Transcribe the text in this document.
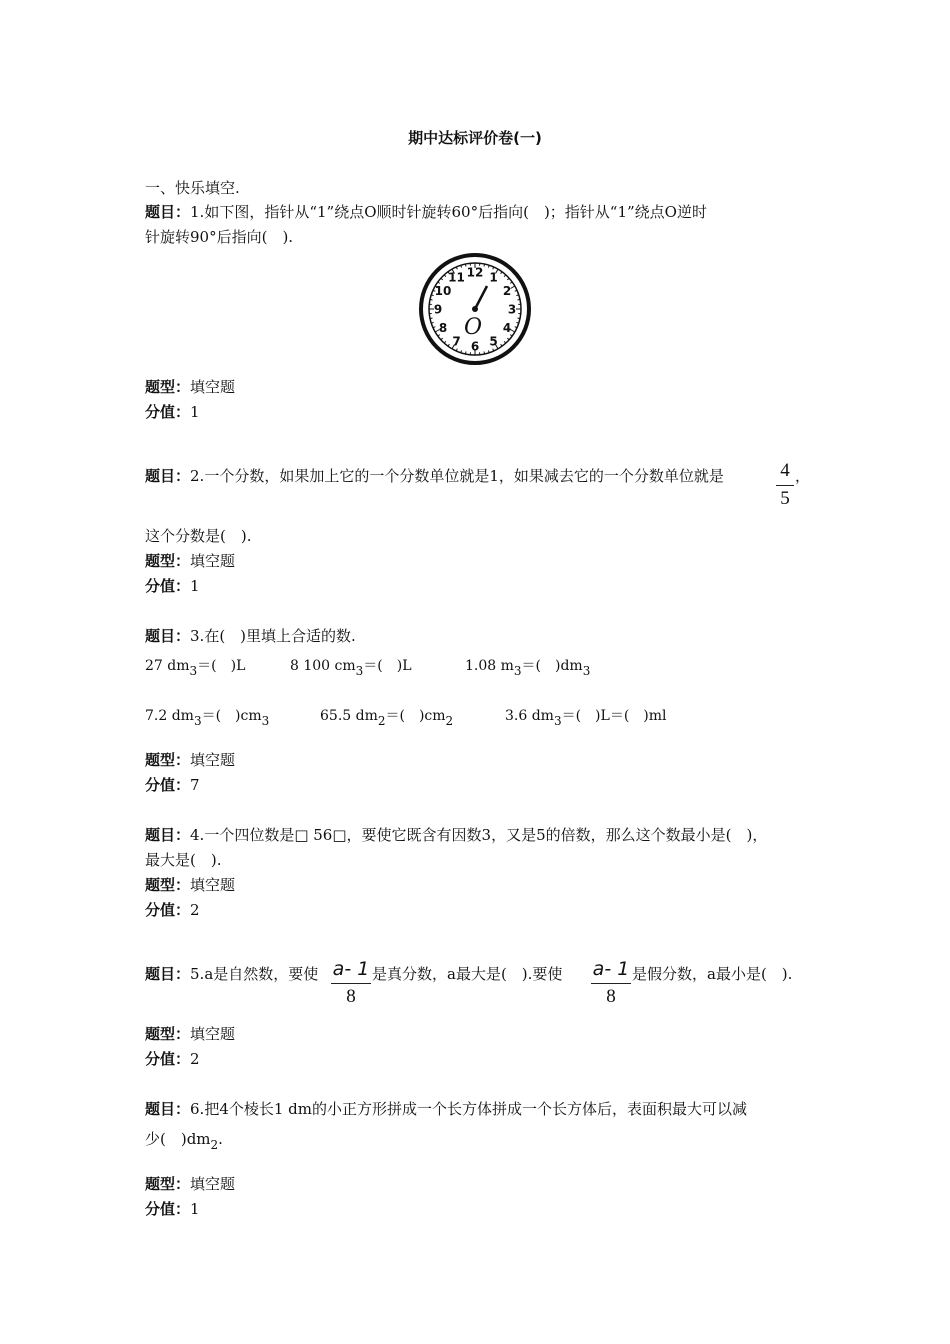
期中达标评价卷(一)
一、快乐填空.
题目：1.如下图，指针从“1”绕点O顺时针旋转60°后指向(　)；指针从“1”绕点O逆时
针旋转90°后指向(　).
12 1
2
3
4
5
6
7
8
9
10
11
O
题型：填空题
分值：1
题目：2.一个分数，如果加上它的一个分数单位就是1，如果减去它的一个分数单位就是	4
5
，
这个分数是(　).
题型：填空题
分值：1
题目：3.在(　)里填上合适的数.
27 $dm_3=$(　)L	8 100 $cm_3=$(　)L	1.08 $m_3=$(　)$dm_3$
7.2 $dm_3=$(　)$cm_3$	65.5 $dm_2=$(　)$cm_2$	3.6 $dm_3=$(　)L＝(　)ml
题型：填空题
分值：7
题目：4.一个四位数是□ 56□，要使它既含有因数3，又是5的倍数，那么这个数最小是(　)，
最大是(　).
题型：填空题
分值：2
题目：5.a是自然数，要使 a- 1
8
是真分数，a最大是(　).要使 a- 1
8
是假分数，a最小是(　).
题型：填空题
分值：2
题目：6.把4个棱长1 dm的小正方形拼成一个长方体拼成一个长方体后，表面积最大可以减
少(　)$dm_2$.
题型：填空题
分值：1
